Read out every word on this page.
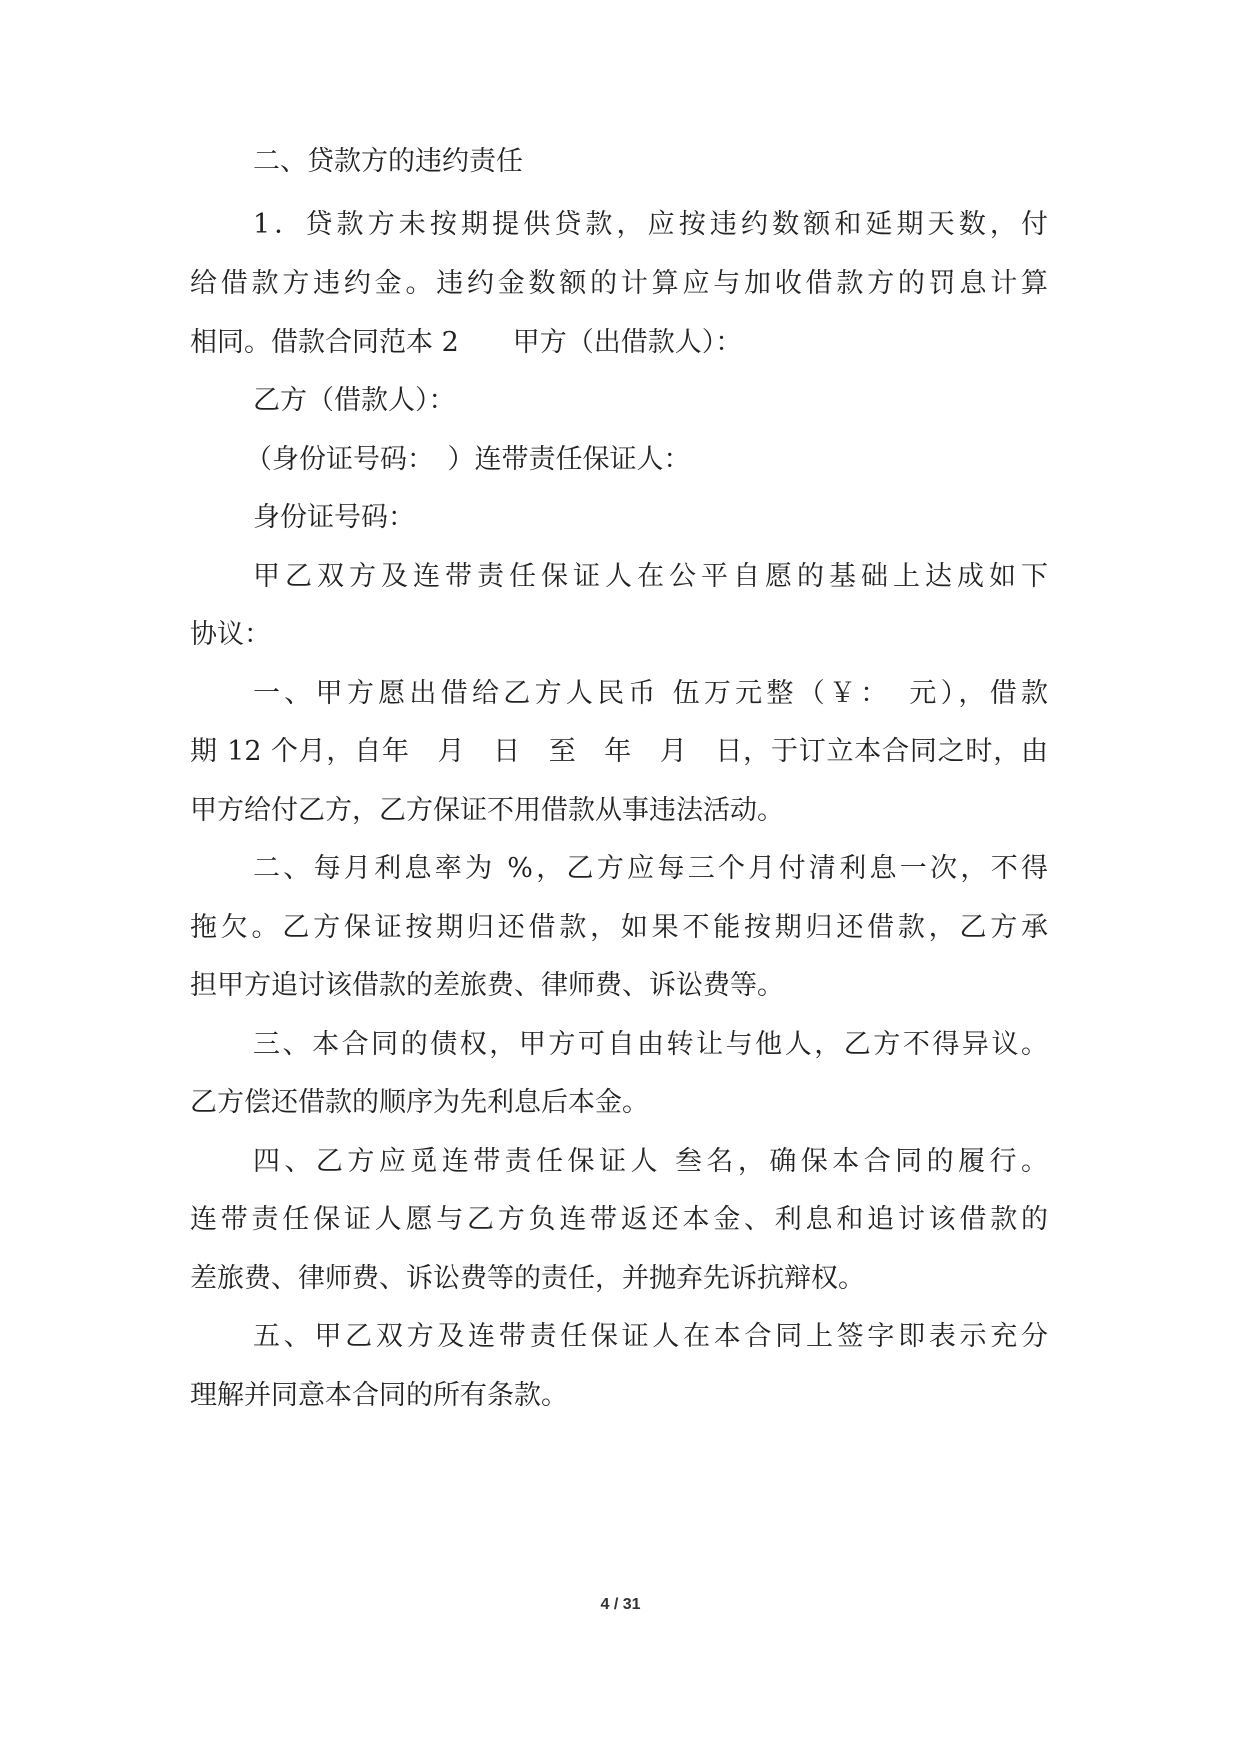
二、贷款方的违约责任
1．贷款方未按期提供贷款，应按违约数额和延期天数，付
给借款方违约金。违约金数额的计算应与加收借款方的罚息计算
相同。借款合同范本 2　　甲方（出借款人）：
乙方（借款人）：
（身份证号码：　）连带责任保证人：
身份证号码：
甲乙双方及连带责任保证人在公平自愿的基础上达成如下
协议：
一、甲方愿出借给乙方人民币 伍万元整（￥：　元），借款
期 12 个月，自年　月　日　至　年　月　日，于订立本合同之时，由
甲方给付乙方，乙方保证不用借款从事违法活动。
二、每月利息率为 %，乙方应每三个月付清利息一次，不得
拖欠。乙方保证按期归还借款，如果不能按期归还借款，乙方承
担甲方追讨该借款的差旅费、律师费、诉讼费等。
三、本合同的债权，甲方可自由转让与他人，乙方不得异议。
乙方偿还借款的顺序为先利息后本金。
四、乙方应觅连带责任保证人 叁名，确保本合同的履行。
连带责任保证人愿与乙方负连带返还本金、利息和追讨该借款的
差旅费、律师费、诉讼费等的责任，并抛弃先诉抗辩权。
五、甲乙双方及连带责任保证人在本合同上签字即表示充分
理解并同意本合同的所有条款。
4 / 31
